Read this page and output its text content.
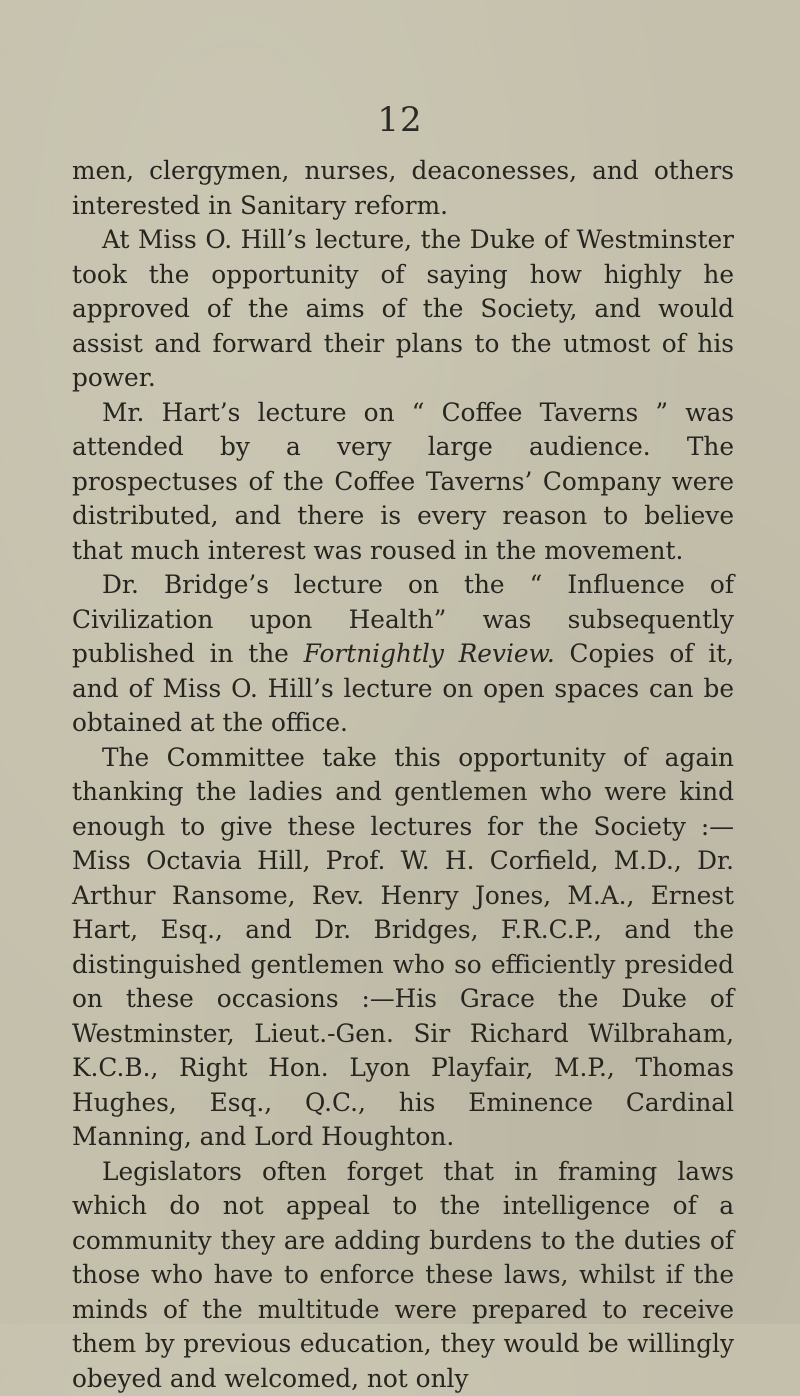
12

men, clergymen, nurses, deaconesses, and others interested in Sanitary reform.

At Miss O. Hill’s lecture, the Duke of Westminster took the opportunity of saying how highly he approved of the aims of the Society, and would assist and forward their plans to the utmost of his power.

Mr. Hart’s lecture on “ Coffee Taverns ” was attended by a very large audience. The prospectuses of the Coffee Taverns’ Company were distributed, and there is every reason to believe that much interest was roused in the movement.

Dr. Bridge’s lecture on the “ Influence of Civilization upon Health” was subsequently published in the Fortnightly Review. Copies of it, and of Miss O. Hill’s lecture on open spaces can be obtained at the office.

The Committee take this opportunity of again thanking the ladies and gentlemen who were kind enough to give these lectures for the Society :—Miss Octavia Hill, Prof. W. H. Corfield, M.D., Dr. Arthur Ransome, Rev. Henry Jones, M.A., Ernest Hart, Esq., and Dr. Bridges, F.R.C.P., and the distinguished gentlemen who so efficiently presided on these occasions :—His Grace the Duke of Westminster, Lieut.-Gen. Sir Richard Wilbraham, K.C.B., Right Hon. Lyon Playfair, M.P., Thomas Hughes, Esq., Q.C., his Eminence Cardinal Manning, and Lord Houghton.

Legislators often forget that in framing laws which do not appeal to the intelligence of a community they are adding burdens to the duties of those who have to enforce these laws, whilst if the minds of the multitude were prepared to receive them by previous education, they would be willingly obeyed and welcomed, not only
